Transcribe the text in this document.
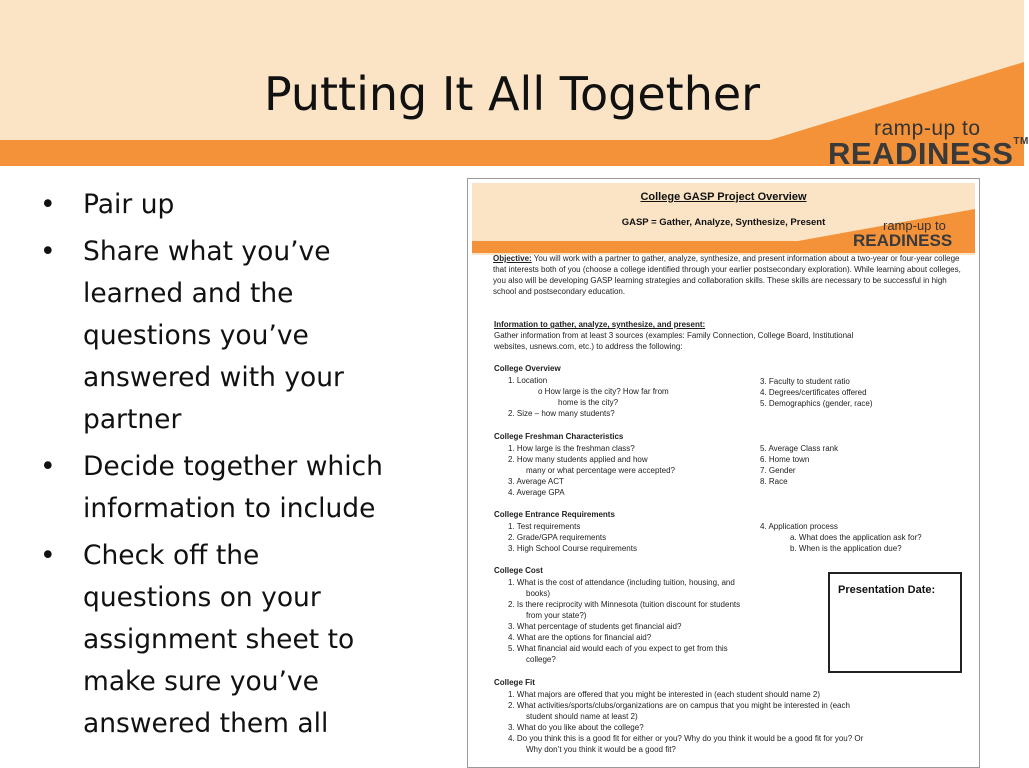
Putting It All Together
ramp-up to
READINESS™
• Pair up
• Share what you’ve
learned and the
questions you’ve
answered with your
partner
• Decide together which
information to include
• Check off the
questions on your
assignment sheet to
make sure you’ve
answered them all
College GASP Project Overview
GASP = Gather, Analyze, Synthesize, Present	ramp-up to
READINESS
Objective: You will work with a partner to gather, analyze, synthesize, and present information about a two-year or four-year college that interests both of you (choose a college identified through your earlier postsecondary exploration). While learning about colleges, you also will be developing GASP learning strategies and collaboration skills. These skills are necessary to be successful in high school and postsecondary education.
Information to gather, analyze, synthesize, and present:
Gather information from at least 3 sources (examples: Family Connection, College Board, Institutional
websites, usnews.com, etc.) to address the following:
College Overview
1. Location
o How large is the city? How far from
home is the city?
2. Size – how many students?
3. Faculty to student ratio
4. Degrees/certificates offered
5. Demographics (gender, race)
College Freshman Characteristics
1. How large is the freshman class?
2. How many students applied and how
many or what percentage were accepted?
3. Average ACT
4. Average GPA
5. Average Class rank
6. Home town
7. Gender
8. Race
College Entrance Requirements
1. Test requirements
2. Grade/GPA requirements
3. High School Course requirements
4. Application process
a. What does the application ask for?
b. When is the application due?
College Cost
1. What is the cost of attendance (including tuition, housing, and
books)
2. Is there reciprocity with Minnesota (tuition discount for students
from your state?)
3. What percentage of students get financial aid?
4. What are the options for financial aid?
5. What financial aid would each of you expect to get from this
college?
College Fit
1. What majors are offered that you might be interested in (each student should name 2)
2. What activities/sports/clubs/organizations are on campus that you might be interested in (each
student should name at least 2)
3. What do you like about the college?
4. Do you think this is a good fit for either or you? Why do you think it would be a good fit for you? Or
Why don’t you think it would be a good fit?
Presentation Date:
